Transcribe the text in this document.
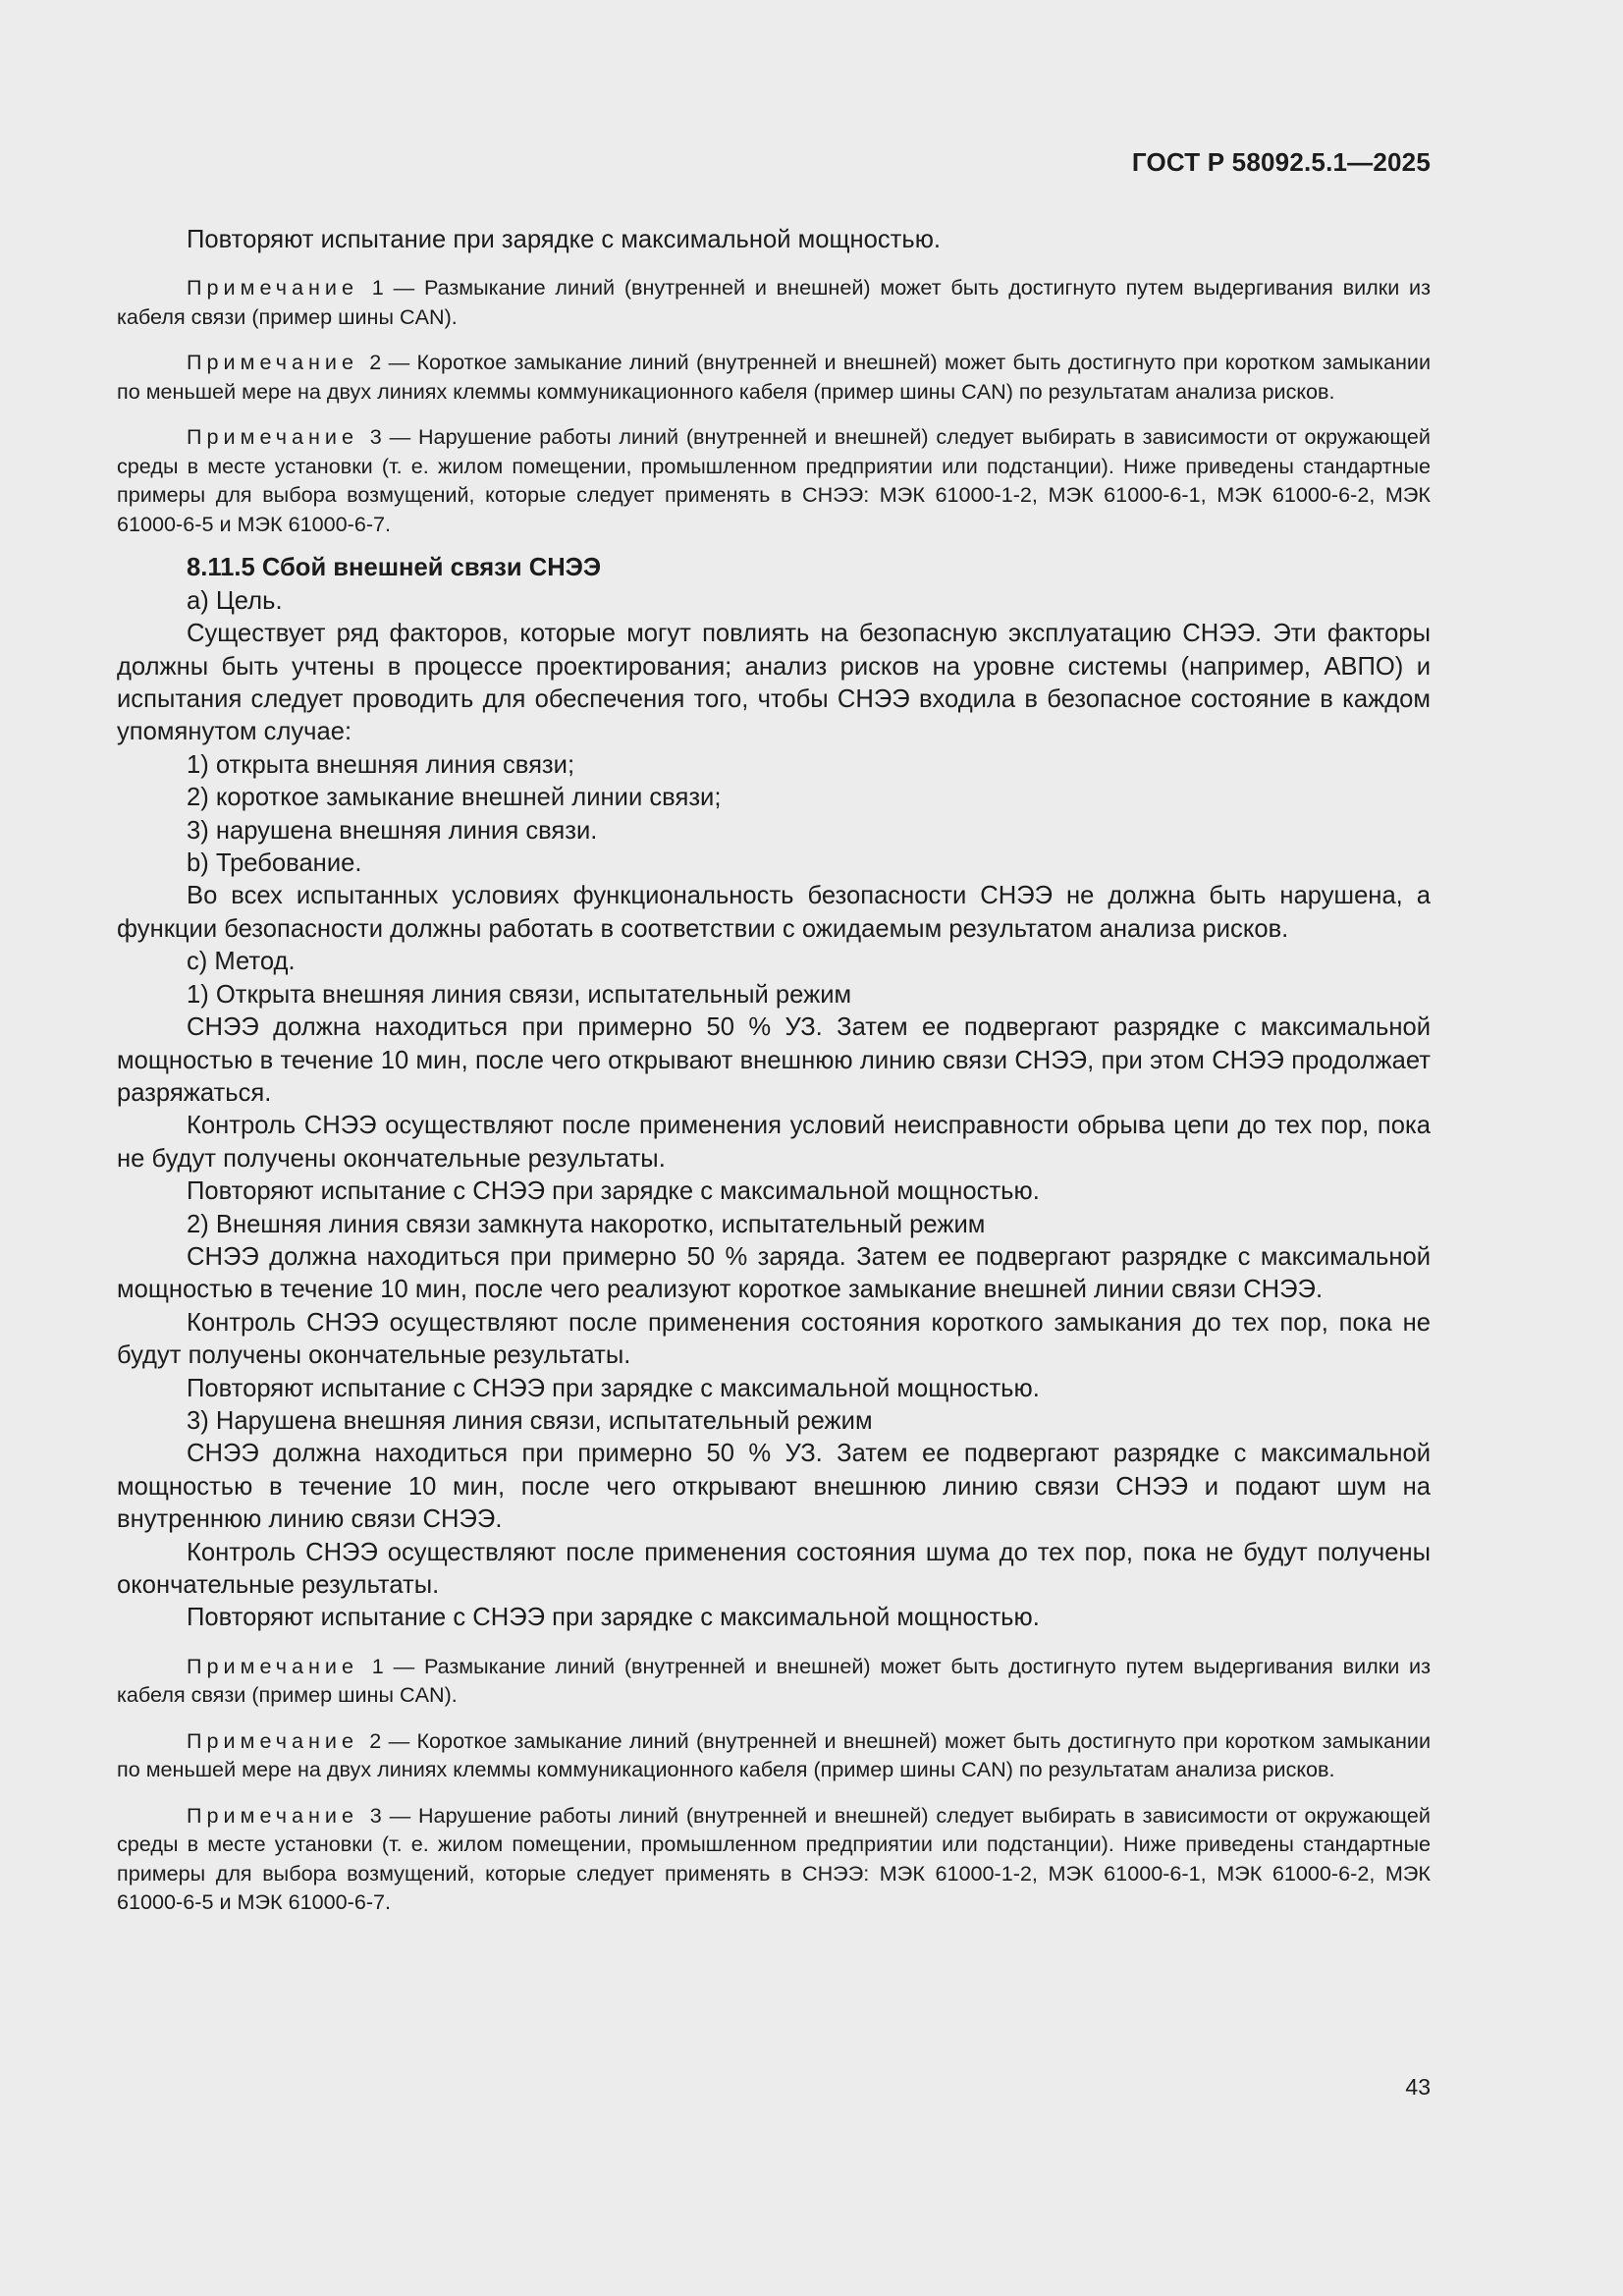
ГОСТ Р 58092.5.1—2025

Повторяют испытание при зарядке с максимальной мощностью.

Примечание 1 — Размыкание линий (внутренней и внешней) может быть достигнуто путем выдергивания вилки из кабеля связи (пример шины CAN).

Примечание 2 — Короткое замыкание линий (внутренней и внешней) может быть достигнуто при коротком замыкании по меньшей мере на двух линиях клеммы коммуникационного кабеля (пример шины CAN) по результатам анализа рисков.

Примечание 3 — Нарушение работы линий (внутренней и внешней) следует выбирать в зависимости от окружающей среды в месте установки (т. е. жилом помещении, промышленном предприятии или подстанции). Ниже приведены стандартные примеры для выбора возмущений, которые следует применять в СНЭЭ: МЭК 61000-1-2, МЭК 61000-6-1, МЭК 61000-6-2, МЭК 61000-6-5 и МЭК 61000-6-7.

8.11.5 Сбой внешней связи СНЭЭ

а) Цель.

Существует ряд факторов, которые могут повлиять на безопасную эксплуатацию СНЭЭ. Эти факторы должны быть учтены в процессе проектирования; анализ рисков на уровне системы (например, АВПО) и испытания следует проводить для обеспечения того, чтобы СНЭЭ входила в безопасное состояние в каждом упомянутом случае:

1) открыта внешняя линия связи;

2) короткое замыкание внешней линии связи;

3) нарушена внешняя линия связи.

b) Требование.

Во всех испытанных условиях функциональность безопасности СНЭЭ не должна быть нарушена, а функции безопасности должны работать в соответствии с ожидаемым результатом анализа рисков.

c) Метод.

1) Открыта внешняя линия связи, испытательный режим

СНЭЭ должна находиться при примерно 50 % УЗ. Затем ее подвергают разрядке с максимальной мощностью в течение 10 мин, после чего открывают внешнюю линию связи СНЭЭ, при этом СНЭЭ продолжает разряжаться.

Контроль СНЭЭ осуществляют после применения условий неисправности обрыва цепи до тех пор, пока не будут получены окончательные результаты.

Повторяют испытание с СНЭЭ при зарядке с максимальной мощностью.

2) Внешняя линия связи замкнута накоротко, испытательный режим

СНЭЭ должна находиться при примерно 50 % заряда. Затем ее подвергают разрядке с максимальной мощностью в течение 10 мин, после чего реализуют короткое замыкание внешней линии связи СНЭЭ.

Контроль СНЭЭ осуществляют после применения состояния короткого замыкания до тех пор, пока не будут получены окончательные результаты.

Повторяют испытание с СНЭЭ при зарядке с максимальной мощностью.

3) Нарушена внешняя линия связи, испытательный режим

СНЭЭ должна находиться при примерно 50 % УЗ. Затем ее подвергают разрядке с максимальной мощностью в течение 10 мин, после чего открывают внешнюю линию связи СНЭЭ и подают шум на внутреннюю линию связи СНЭЭ.

Контроль СНЭЭ осуществляют после применения состояния шума до тех пор, пока не будут получены окончательные результаты.

Повторяют испытание с СНЭЭ при зарядке с максимальной мощностью.

Примечание 1 — Размыкание линий (внутренней и внешней) может быть достигнуто путем выдергивания вилки из кабеля связи (пример шины CAN).

Примечание 2 — Короткое замыкание линий (внутренней и внешней) может быть достигнуто при коротком замыкании по меньшей мере на двух линиях клеммы коммуникационного кабеля (пример шины CAN) по результатам анализа рисков.

Примечание 3 — Нарушение работы линий (внутренней и внешней) следует выбирать в зависимости от окружающей среды в месте установки (т. е. жилом помещении, промышленном предприятии или подстанции). Ниже приведены стандартные примеры для выбора возмущений, которые следует применять в СНЭЭ: МЭК 61000-1-2, МЭК 61000-6-1, МЭК 61000-6-2, МЭК 61000-6-5 и МЭК 61000-6-7.

43
